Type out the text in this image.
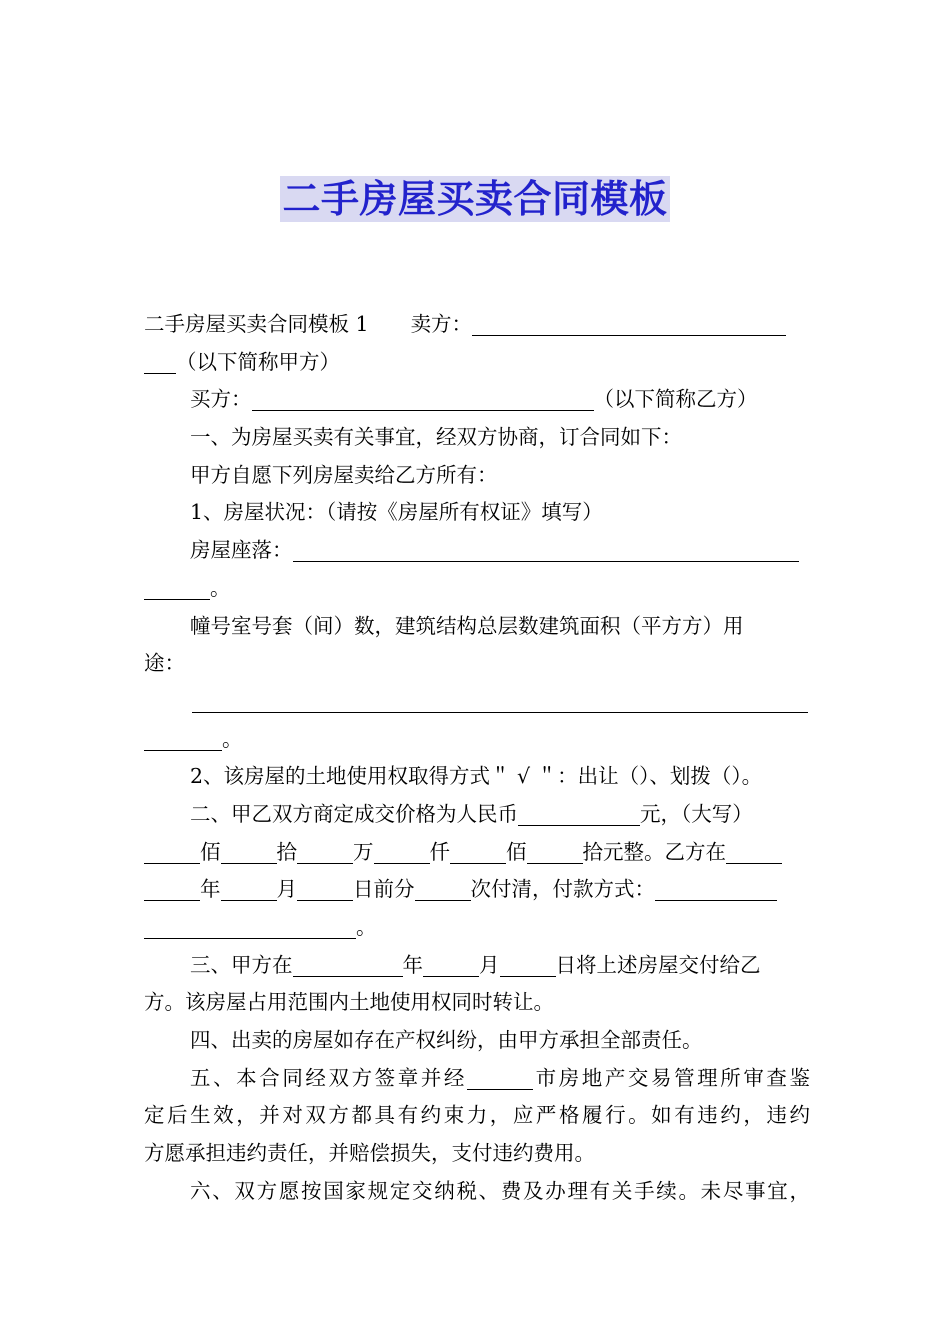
二手房屋买卖合同模板
二手房屋买卖合同模板 1 卖方：
（以下简称甲方）
买方：	（以下简称乙方）
一、为房屋买卖有关事宜，经双方协商，订合同如下：
甲方自愿下列房屋卖给乙方所有：
1、房屋状况：（请按《房屋所有权证》填写）
房屋座落：
。
幢号室号套（间）数，建筑结构总层数建筑面积（平方方）用
途：
。
2、该房屋的土地使用权取得方式＂ √ ＂：出让（）、划拨（）。
二、甲乙双方商定成交价格为人民币	元，（大写）
佰	拾	万	仟	佰	拾元整。乙方在
年	月	日前分	次付清，付款方式：
。
三、甲方在	年	月	日将上述房屋交付给乙
方。该房屋占用范围内土地使用权同时转让。
四、出卖的房屋如存在产权纠纷，由甲方承担全部责任。
五、本合同经双方签章并经	市房地产交易管理所审查鉴
定后生效，并对双方都具有约束力，应严格履行。如有违约，违约
方愿承担违约责任，并赔偿损失，支付违约费用。
六、双方愿按国家规定交纳税、费及办理有关手续。未尽事宜，
